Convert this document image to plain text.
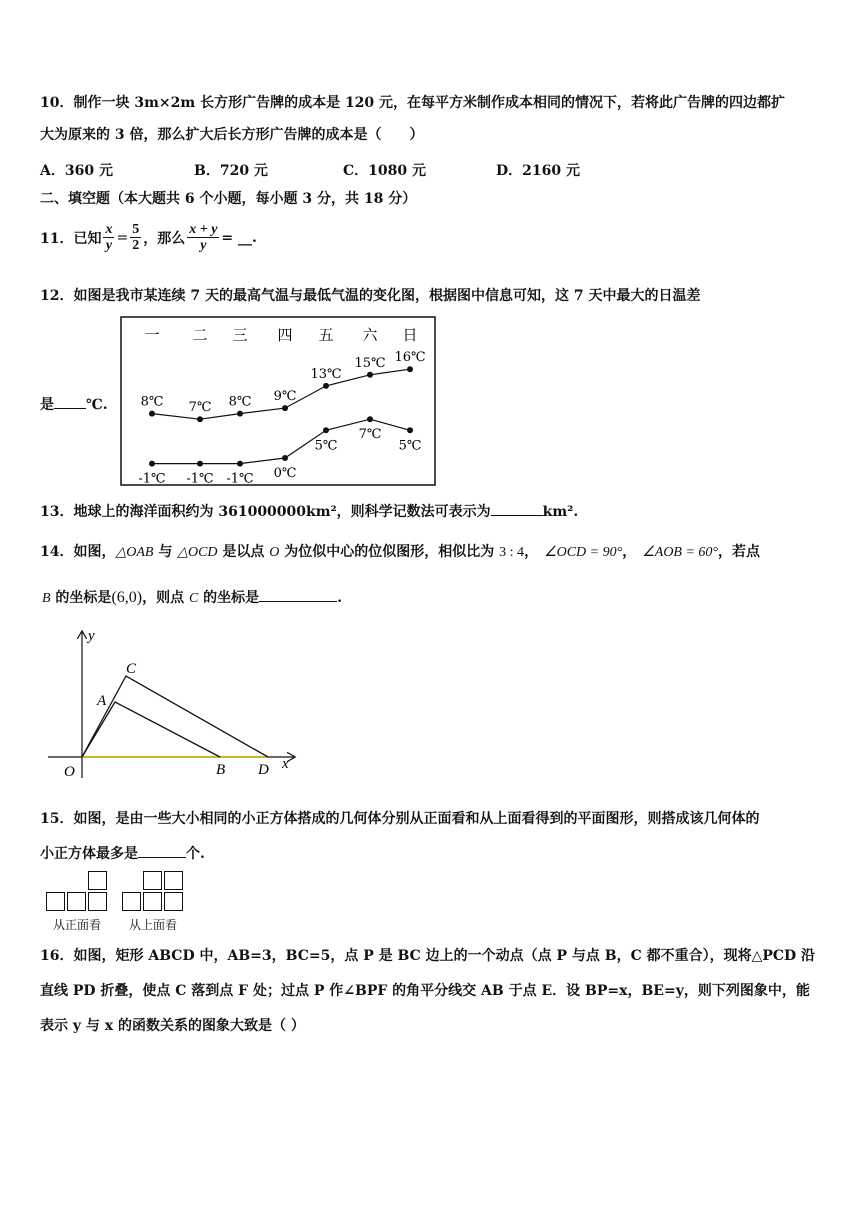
10．制作一块 3m×2m 长方形广告牌的成本是 120 元，在每平方米制作成本相同的情况下，若将此广告牌的四边都扩
大为原来的 3 倍，那么扩大后长方形广告牌的成本是（　　）
A．360 元	B．720 元	C．1080 元	D．2160 元
二、填空题（本大题共 6 个小题，每小题 3 分，共 18 分）
11．已知 $\frac{x}{y} = \frac{5}{2}$ ，那么 $\frac{x + y}{y}$ = __.
12．如图是我市某连续 7 天的最高气温与最低气温的变化图，根据图中信息可知，这 7 天中最大的日温差
是 ℃.
一 二 三 四 五 六 日
8℃ 7℃ 8℃ 9℃
13℃
15℃ 16℃
-1℃ -1℃ -1℃ 0℃
5℃
7℃
5℃
13．地球上的海洋面积约为 361000000km²，则科学记数法可表示为	km².
14．如图，△OAB 与 △OCD 是以点 O 为位似中心的位似图形，相似比为 3 : 4， ∠OCD = 90°， ∠AOB = 60°，若点
B 的坐标是(6,0)，则点 C 的坐标是	.
y
x
O
A
C
B D
15．如图，是由一些大小相同的小正方体搭成的几何体分别从正面看和从上面看得到的平面图形，则搭成该几何体的
小正方体最多是	个.
从正面看 从上面看
16．如图，矩形 ABCD 中，AB=3，BC=5，点 P 是 BC 边上的一个动点（点 P 与点 B，C 都不重合），现将△PCD 沿
直线 PD 折叠，使点 C 落到点 F 处；过点 P 作∠BPF 的角平分线交 AB 于点 E．设 BP=x，BE=y，则下列图象中，能
表示 y 与 x 的函数关系的图象大致是（ ）
